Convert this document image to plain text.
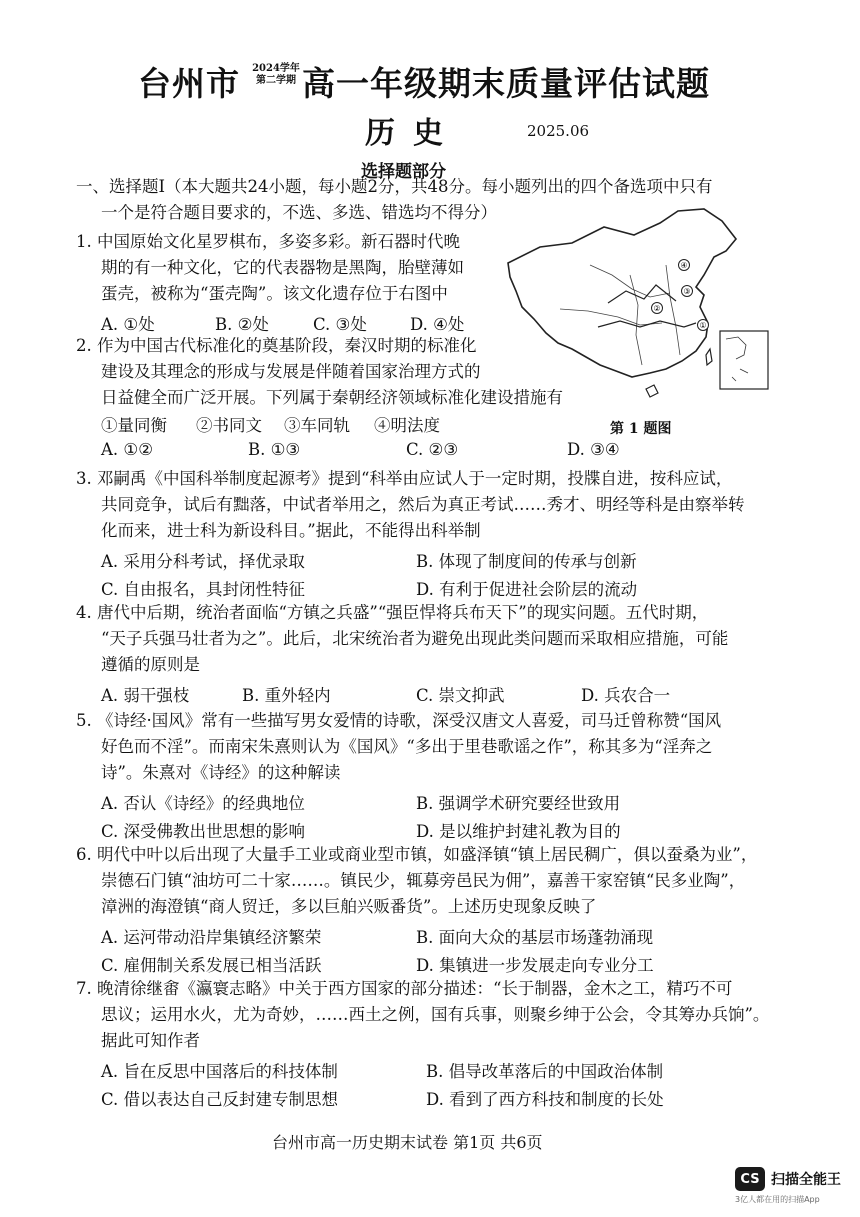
台州市 2024学年
第二学期 高一年级期末质量评估试题
历史	2025.06
选择题部分
一、选择题Ⅰ（本大题共24小题，每小题2分，共48分。每小题列出的四个备选项中只有
一个是符合题目要求的，不选、多选、错选均不得分）
④
③
②
①
第 1 题图
1. 中国原始文化星罗棋布，多姿多彩。新石器时代晚
期的有一种文化，它的代表器物是黑陶，胎壁薄如
蛋壳，被称为“蛋壳陶”。该文化遗存位于右图中
A. ①处	B. ②处	C. ③处	D. ④处
2. 作为中国古代标准化的奠基阶段，秦汉时期的标准化
建设及其理念的形成与发展是伴随着国家治理方式的
日益健全而广泛开展。下列属于秦朝经济领域标准化建设措施有
①量同衡 ②书同文 ③车同轨 ④明法度
A. ①②	B. ①③	C. ②③	D. ③④
3. 邓嗣禹《中国科举制度起源考》提到“科举由应试人于一定时期，投牒自进，按科应试，
共同竞争，试后有黜落，中试者举用之，然后为真正考试……秀才、明经等科是由察举转
化而来，进士科为新设科目。”据此，不能得出科举制
A. 采用分科考试，择优录取	B. 体现了制度间的传承与创新
C. 自由报名，具封闭性特征	D. 有利于促进社会阶层的流动
4. 唐代中后期，统治者面临“方镇之兵盛”“强臣悍将兵布天下”的现实问题。五代时期，
“天子兵强马壮者为之”。此后，北宋统治者为避免出现此类问题而采取相应措施，可能
遵循的原则是
A. 弱干强枝	B. 重外轻内	C. 崇文抑武	D. 兵农合一
5. 《诗经·国风》常有一些描写男女爱情的诗歌，深受汉唐文人喜爱，司马迁曾称赞“国风
好色而不淫”。而南宋朱熹则认为《国风》“多出于里巷歌谣之作”，称其多为“淫奔之
诗”。朱熹对《诗经》的这种解读
A. 否认《诗经》的经典地位	B. 强调学术研究要经世致用
C. 深受佛教出世思想的影响	D. 是以维护封建礼教为目的
6. 明代中叶以后出现了大量手工业或商业型市镇，如盛泽镇“镇上居民稠广，俱以蚕桑为业”，
崇德石门镇“油坊可二十家……。镇民少，辄募旁邑民为佣”，嘉善干家窑镇“民多业陶”，
漳洲的海澄镇“商人贸迁，多以巨舶兴贩番货”。上述历史现象反映了
A. 运河带动沿岸集镇经济繁荣	B. 面向大众的基层市场蓬勃涌现
C. 雇佣制关系发展已相当活跃	D. 集镇进一步发展走向专业分工
7. 晚清徐继畬《瀛寰志略》中关于西方国家的部分描述：“长于制器，金木之工，精巧不可
思议；运用水火，尤为奇妙，……西土之例，国有兵事，则聚乡绅于公会，令其筹办兵饷”。
据此可知作者
A. 旨在反思中国落后的科技体制	B. 倡导改革落后的中国政治体制
C. 借以表达自己反封建专制思想	D. 看到了西方科技和制度的长处
台州市高一历史期末试卷 第1页 共6页
CS 扫描全能王
3亿人都在用的扫描App
